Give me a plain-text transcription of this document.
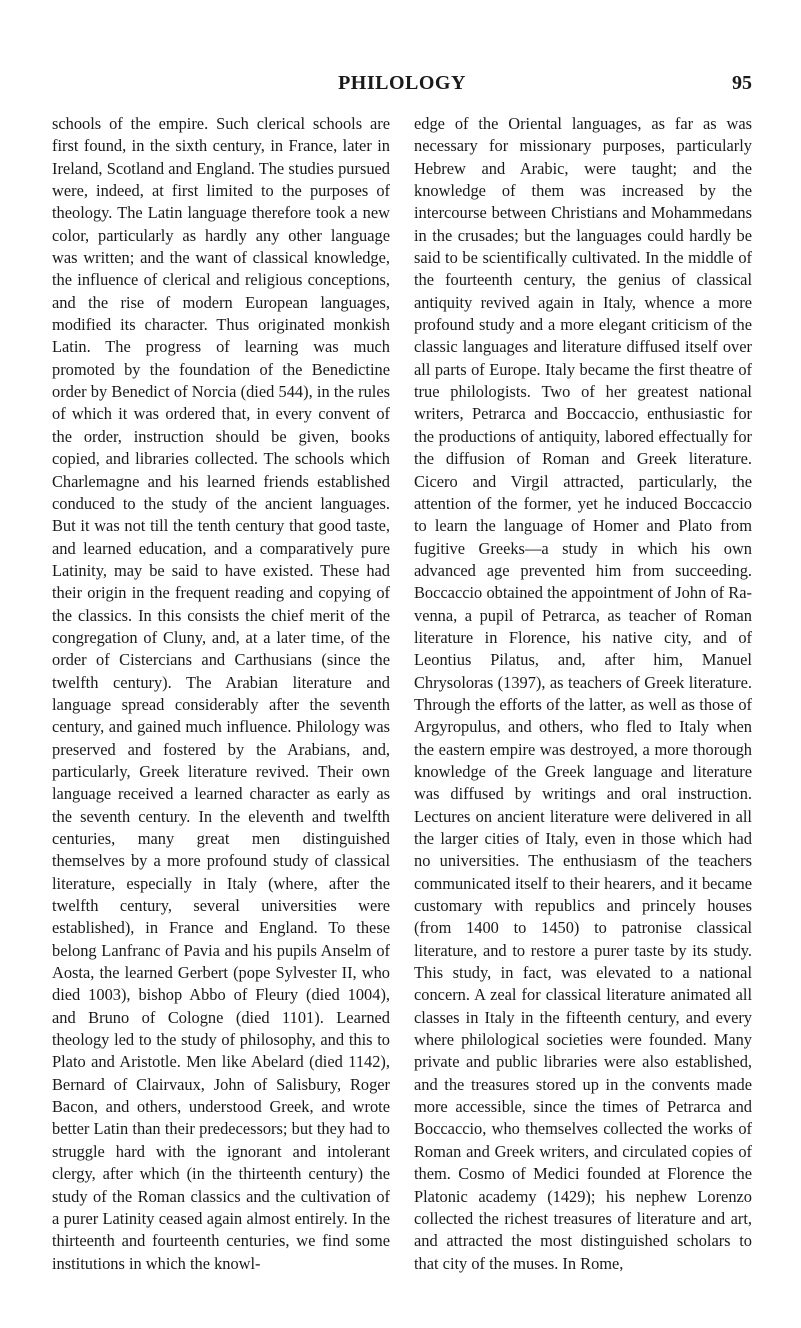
PHILOLOGY	95

schools of the empire. Such clerical schools are first found, in the sixth century, in France, later in Ireland, Scotland and England. The studies pursued were, indeed, at first limited to the purposes of theology. The Latin language therefore took a new color, particularly as hardly any other language was written; and the want of classical knowledge, the influence of clerical and religious conceptions, and the rise of modern European languages, modified its character. Thus originated monkish Latin. The progress of learning was much promoted by the foundation of the Benedictine order by Benedict of Norcia (died 544), in the rules of which it was ordered that, in every convent of the order, instruction should be given, books copied, and libraries collected. The schools which Charlemagne and his learned friends established conduced to the study of the ancient languages. But it was not till the tenth century that good taste, and learned education, and a comparatively pure Latinity, may be said to have existed. These had their origin in the frequent reading and copying of the classics. In this consists the chief merit of the congregation of Cluny, and, at a later time, of the order of Cistercians and Carthusians (since the twelfth century). The Arabian literature and language spread considerably after the seventh century, and gained much influence. Philology was preserved and fostered by the Arabians, and, particularly, Greek literature revived. Their own language received a learned character as early as the seventh century. In the eleventh and twelfth centuries, many great men distinguished themselves by a more profound study of classical literature, especially in Italy (where, after the twelfth century, several universities were established), in France and England. To these belong Lanfranc of Pavia and his pupils Anselm of Aosta, the learned Gerbert (pope Sylvester II, who died 1003), bishop Abbo of Fleury (died 1004), and Bruno of Cologne (died 1101). Learned theology led to the study of philosophy, and this to Plato and Aristotle. Men like Abelard (died 1142), Bernard of Clairvaux, John of Salisbury, Roger Bacon, and others, understood Greek, and wrote better Latin than their predecessors; but they had to struggle hard with the ignorant and intolerant clergy, after which (in the thirteenth century) the study of the Roman classics and the cultivation of a purer Latinity ceased again almost entirely. In the thirteenth and fourteenth centuries, we find some institutions in which the knowl-

edge of the Oriental languages, as far as was necessary for missionary purposes, particularly Hebrew and Arabic, were taught; and the knowledge of them was increased by the intercourse between Christians and Mohammedans in the crusades; but the languages could hardly be said to be scientifically cultivated. In the middle of the fourteenth century, the genius of classical antiquity revived again in Italy, whence a more profound study and a more elegant criticism of the classic languages and literature diffused itself over all parts of Europe. Italy became the first theatre of true philologists. Two of her greatest national writers, Petrarca and Boccaccio, enthusiastic for the productions of antiquity, labored effectually for the diffusion of Roman and Greek literature. Cicero and Virgil attracted, particularly, the attention of the former, yet he induced Boccaccio to learn the language of Homer and Plato from fugitive Greeks—a study in which his own advanced age prevented him from succeeding. Boccaccio obtained the appointment of John of Ravenna, a pupil of Petrarca, as teacher of Roman literature in Florence, his native city, and of Leontius Pilatus, and, after him, Manuel Chrysoloras (1397), as teachers of Greek literature. Through the efforts of the latter, as well as those of Argyropulus, and others, who fled to Italy when the eastern empire was destroyed, a more thorough knowledge of the Greek language and literature was diffused by writings and oral instruction. Lectures on ancient literature were delivered in all the larger cities of Italy, even in those which had no universities. The enthusiasm of the teachers communicated itself to their hearers, and it became customary with republics and princely houses (from 1400 to 1450) to patronise classical literature, and to restore a purer taste by its study. This study, in fact, was elevated to a national concern. A zeal for classical literature animated all classes in Italy in the fifteenth century, and every where philological societies were founded. Many private and public libraries were also established, and the treasures stored up in the convents made more accessible, since the times of Petrarca and Boccaccio, who themselves collected the works of Roman and Greek writers, and circulated copies of them. Cosmo of Medici founded at Florence the Platonic academy (1429); his nephew Lorenzo collected the richest treasures of literature and art, and attracted the most distinguished scholars to that city of the muses. In Rome,
